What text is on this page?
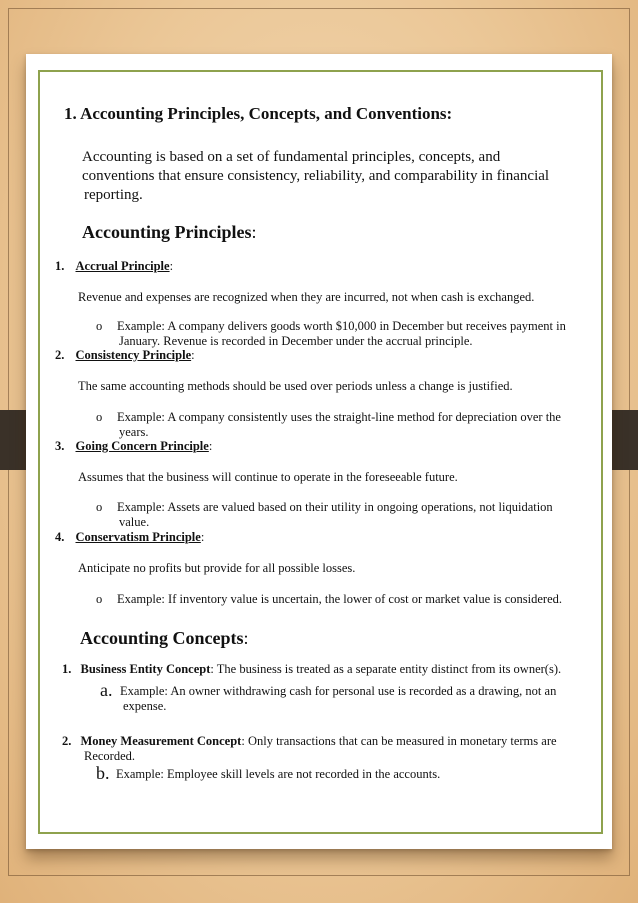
1. Accounting Principles, Concepts, and Conventions:
Accounting is based on a set of fundamental principles, concepts, and
conventions that ensure consistency, reliability, and comparability in financial
reporting.
Accounting Principles:
1. Accrual Principle:
Revenue and expenses are recognized when they are incurred, not when cash is exchanged.
o Example: A company delivers goods worth $10,000 in December but receives payment in
January. Revenue is recorded in December under the accrual principle.
2. Consistency Principle:
The same accounting methods should be used over periods unless a change is justified.
o Example: A company consistently uses the straight-line method for depreciation over the
years.
3. Going Concern Principle:
Assumes that the business will continue to operate in the foreseeable future.
o Example: Assets are valued based on their utility in ongoing operations, not liquidation
value.
4. Conservatism Principle:
Anticipate no profits but provide for all possible losses.
o Example: If inventory value is uncertain, the lower of cost or market value is considered.
Accounting Concepts:
1. Business Entity Concept: The business is treated as a separate entity distinct from its owner(s).
a. Example: An owner withdrawing cash for personal use is recorded as a drawing, not an
expense.
2. Money Measurement Concept: Only transactions that can be measured in monetary terms are
Recorded.
b. Example: Employee skill levels are not recorded in the accounts.
